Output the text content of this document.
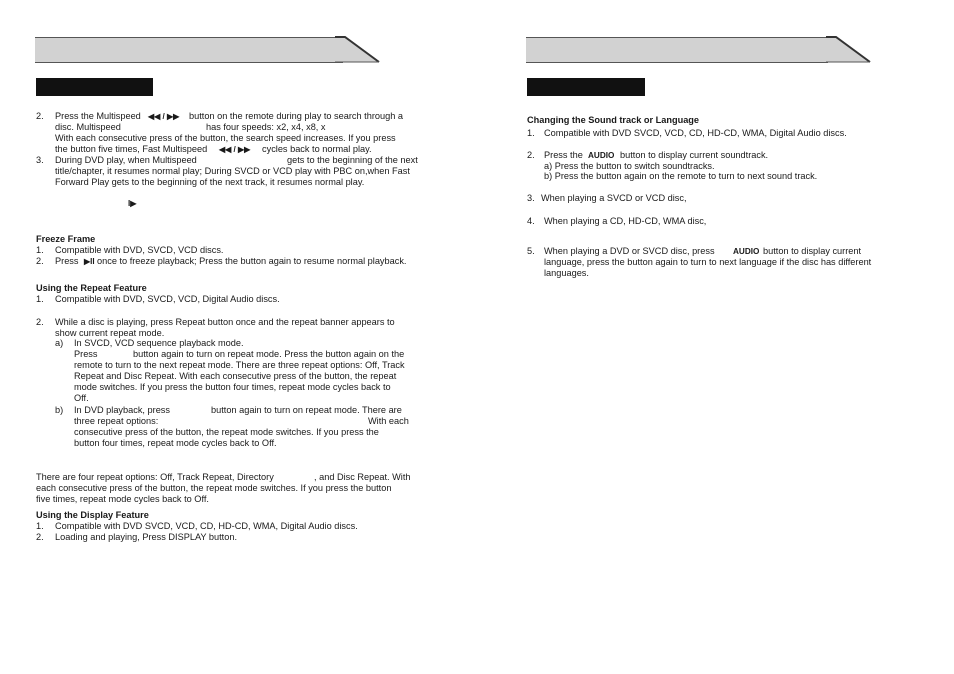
2. Press the Multispeed ◀◀ / ▶▶ button on the remote during play to search through a
disc. Multispeed	has four speeds: x2, x4, x8, x
With each consecutive press of the button, the search speed increases. If you press
the button five times, Fast Multispeed ◀◀ / ▶▶ cycles back to normal play.
3. During DVD play, when Multispeed	gets to the beginning of the next
title/chapter, it resumes normal play; During SVCD or VCD play with PBC on,when Fast
Forward Play gets to the beginning of the next track, it resumes normal play.
I▶
Freeze Frame
1. Compatible with DVD, SVCD, VCD discs.
2. Press ▶II once to freeze playback; Press the button again to resume normal playback.
Using the Repeat Feature
1. Compatible with DVD, SVCD, VCD, Digital Audio discs.
2. While a disc is playing, press Repeat button once and the repeat banner appears to
show current repeat mode.
a) In SVCD, VCD sequence playback mode.
Press	button again to turn on repeat mode. Press the button again on the
remote to turn to the next repeat mode. There are three repeat options: Off, Track
Repeat and Disc Repeat. With each consecutive press of the button, the repeat
mode switches. If you press the button four times, repeat mode cycles back to
Off.
b) In DVD playback, press	button again to turn on repeat mode. There are
three repeat options:	With each
consecutive press of the button, the repeat mode switches. If you press the
button four times, repeat mode cycles back to Off.
There are four repeat options: Off, Track Repeat, Directory	, and Disc Repeat. With
each consecutive press of the button, the repeat mode switches. If you press the button
five times, repeat mode cycles back to Off.
Using the Display Feature
1. Compatible with DVD SVCD, VCD, CD, HD-CD, WMA, Digital Audio discs.
2. Loading and playing, Press DISPLAY button.
Changing the Sound track or Language
1. Compatible with DVD SVCD, VCD, CD, HD-CD, WMA, Digital Audio discs.
2. Press the AUDIO button to display current soundtrack.
a) Press the button to switch soundtracks.
b) Press the button again on the remote to turn to next sound track.
3. When playing a SVCD or VCD disc,
4. When playing a CD, HD-CD, WMA disc,
5. When playing a DVD or SVCD disc, press AUDIO button to display current
language, press the button again to turn to next language if the disc has different
languages.
